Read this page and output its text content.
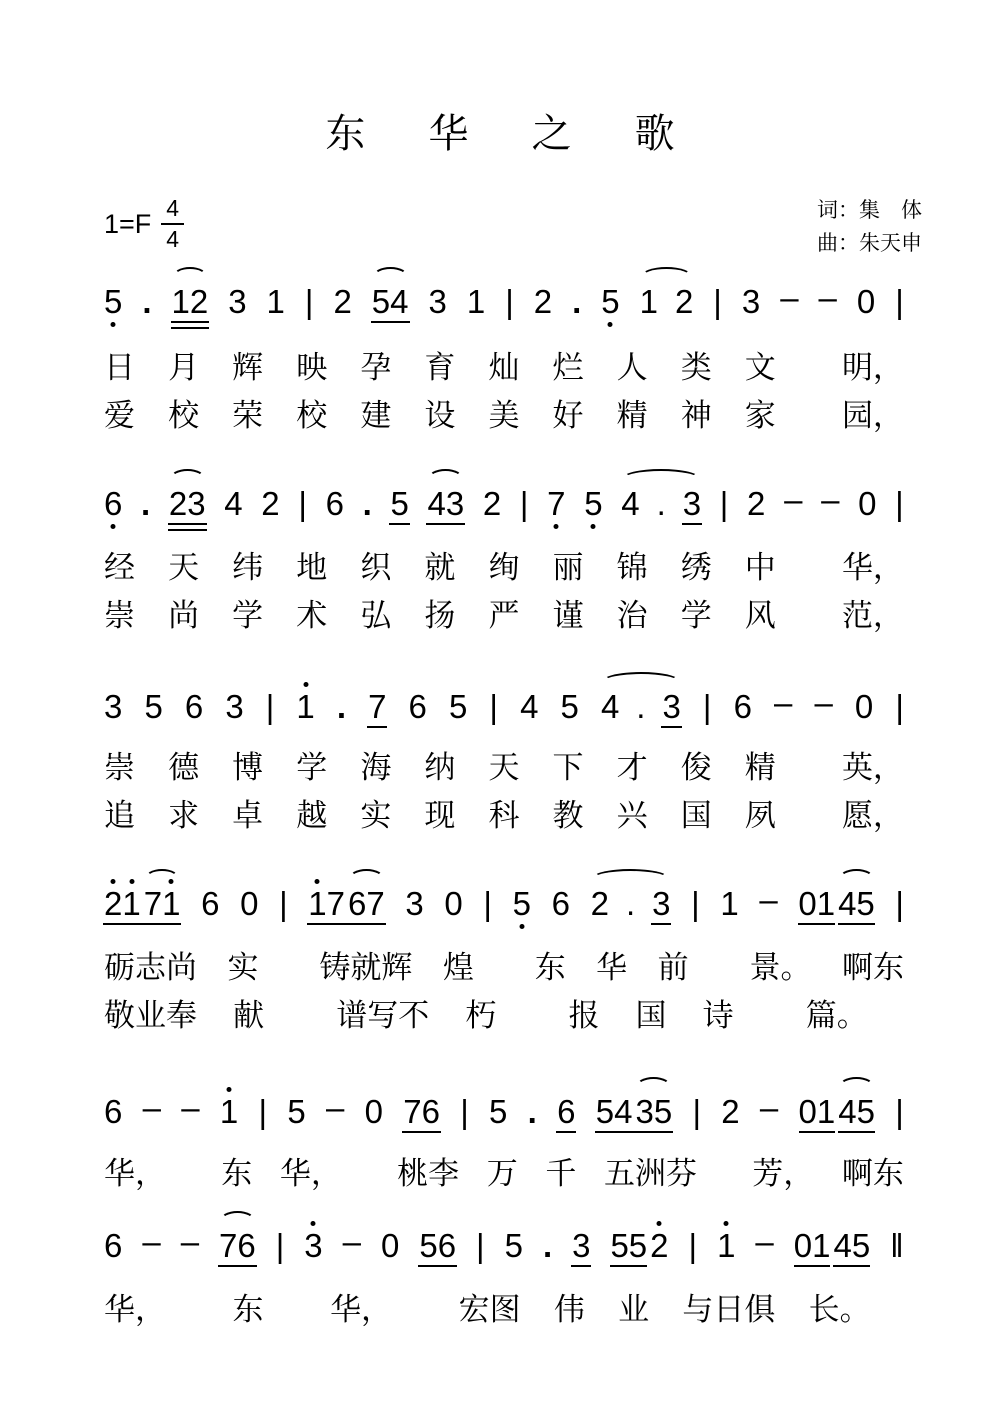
东 华 之 歌
$1=F \frac{4}{4}$	词：集　体
曲：朱天申
5 . 1 2 3 1 | 2 5 4 3 1 | 2 . 5 1 2 | 3 – – 0 |
日 月 辉 映 孕 育 灿 烂 人 类 文 明，
爱 校 荣 校 建 设 美 好 精 神 家 园，
6 . 2 3 4 2 | 6 . 5 4 3 2 | 7 5 4 . 3 | 2 – – 0 |
经 天 纬 地 织 就 绚 丽 锦 绣 中 华，
崇 尚 学 术 弘 扬 严 谨 治 学 风 范，
3 5 6 3 | 1 . 7 6 5 | 4 5 4 . 3 | 6 – – 0 |
崇 德 博 学 海 纳 天 下 才 俊 精 英，
追 求 卓 越 实 现 科 教 兴 国 夙 愿，
2 1 7 1 6 0 | 1 7 6 7 3 0 | 5 6 2 . 3 | 1 – 0 1 4 5 |
砺志尚 实 铸就辉 煌 东 华 前 景。 啊东
敬业奉 献 谱写不 朽 报 国 诗 篇。
6 – – 1 | 5 – 0 7 6 | 5 . 6 5 4 3 5 | 2 – 0 1 4 5 |
华， 东 华， 桃李 万 千 五洲芬 芳， 啊东
6 – – 7 6 | 3 – 0 5 6 | 5 . 3 5 5 2 | 1 – 0 1 4 5 ‖
华， 东 华， 宏图 伟 业 与日俱 长。
